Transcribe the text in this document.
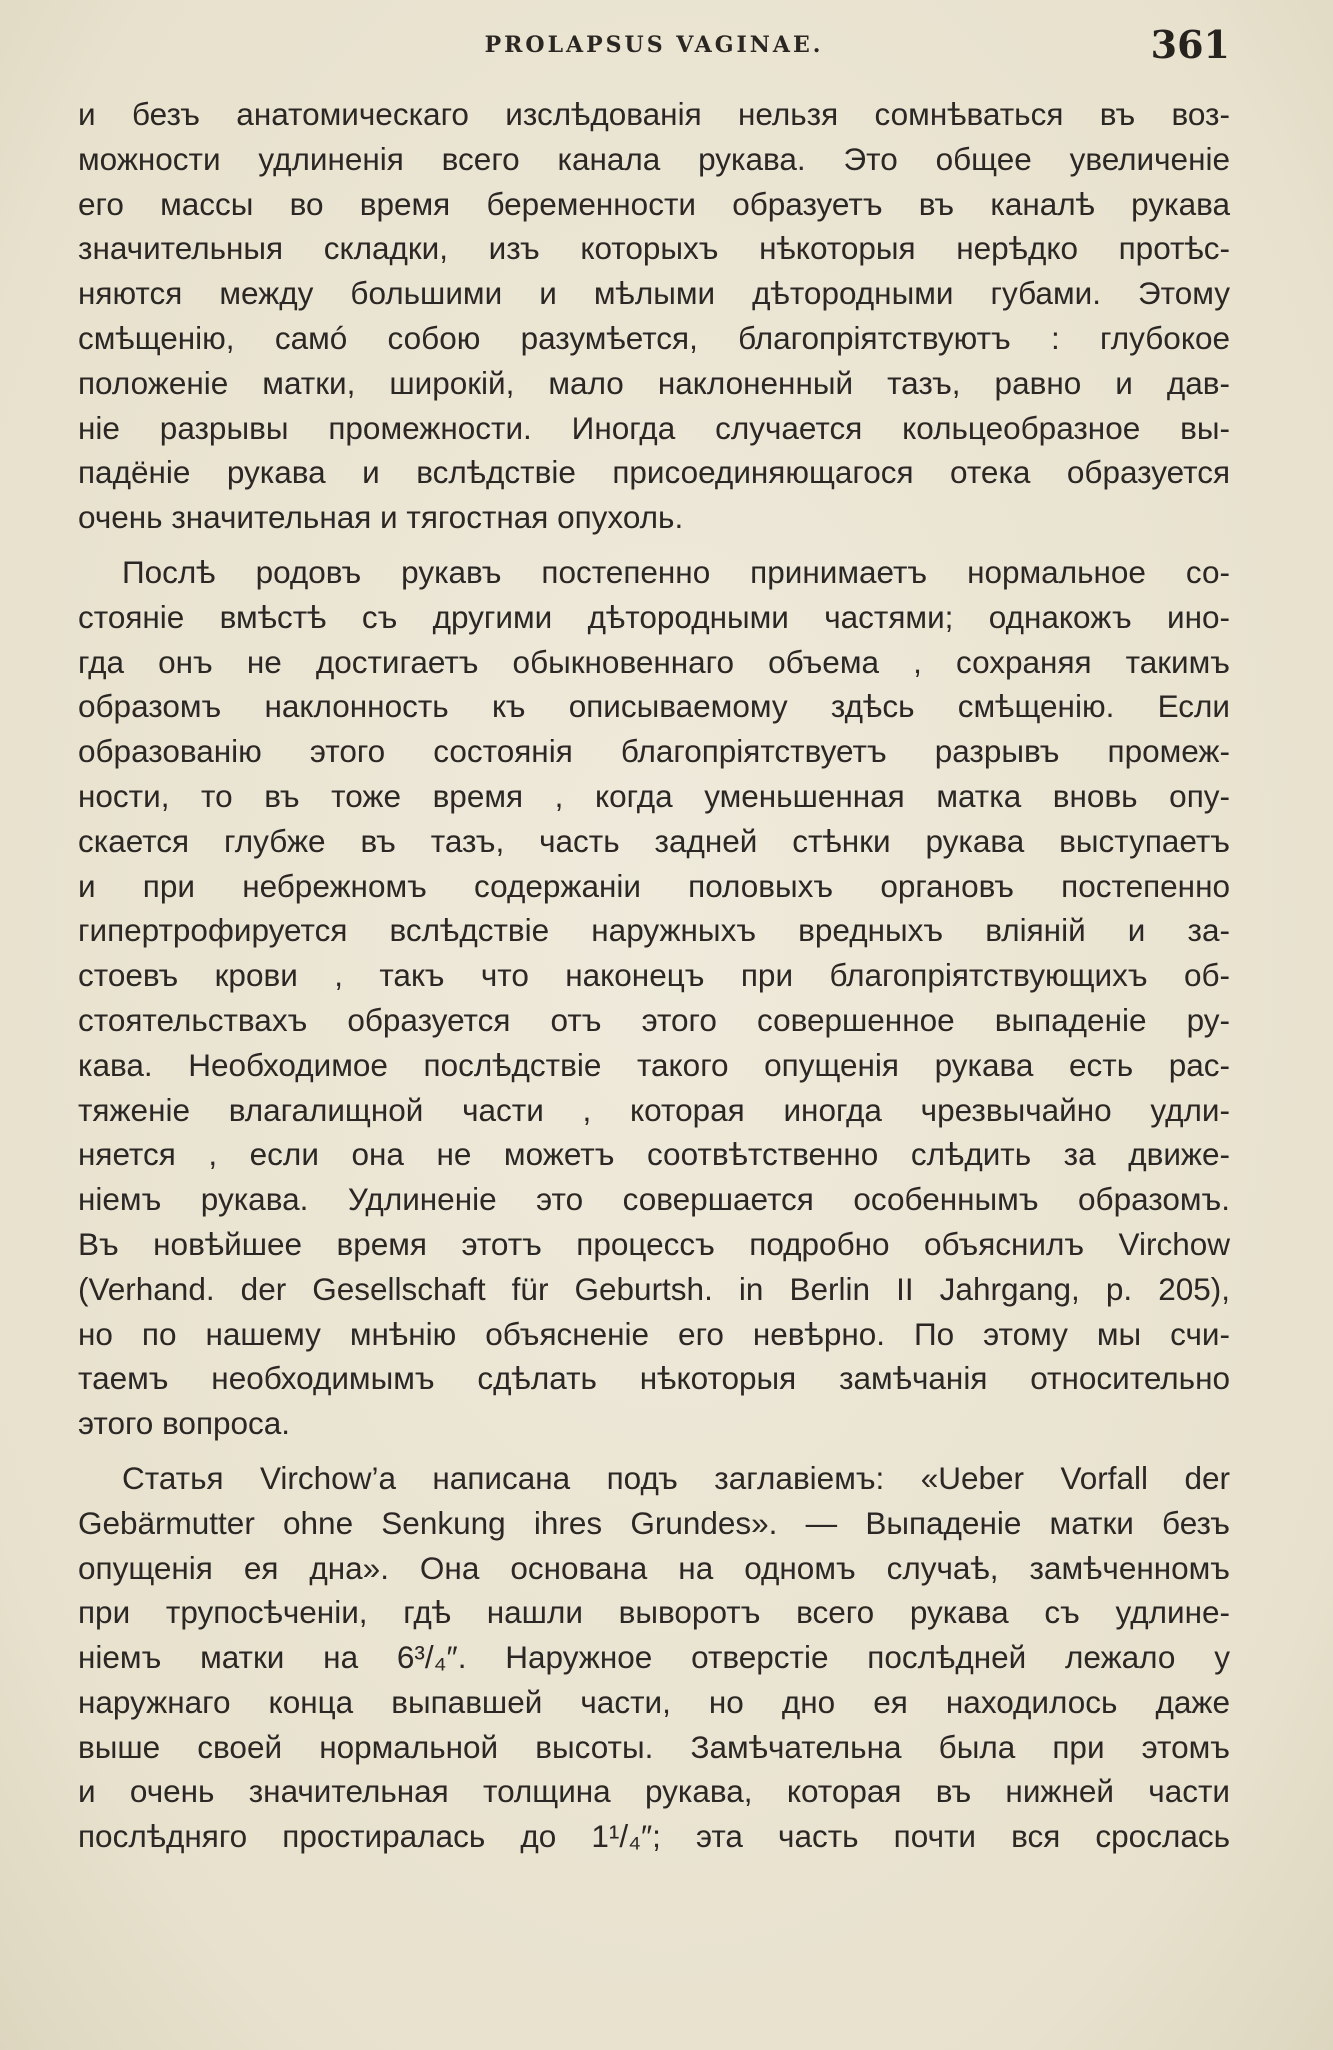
PROLAPSUS VAGINAE.	361

и безъ анатомическаго изслѣдованія нельзя сомнѣваться въ воз-

можности удлиненія всего канала рукава. Это общее увеличеніе

его массы во время беременности образуетъ въ каналѣ рукава

значительныя складки, изъ которыхъ нѣкоторыя нерѣдко протѣс-

няются между большими и мѣлыми дѣтородными губами. Этому

смѣщенію, самó собою разумѣется, благопріятствуютъ : глубокое

положеніе матки, широкій, мало наклоненный тазъ, равно и дав-

ніе разрывы промежности. Иногда случается кольцеобразное вы-

падёніе рукава и вслѣдствіе присоединяющагося отека образуется

очень значительная и тягостная опухоль.

Послѣ родовъ рукавъ постепенно принимаетъ нормальное со-

стояніе вмѣстѣ съ другими дѣтородными частями; однакожъ ино-

гда онъ не достигаетъ обыкновеннаго объема , сохраняя такимъ

образомъ наклонность къ описываемому здѣсь смѣщенію. Если

образованію этого состоянія благопріятствуетъ разрывъ промеж-

ности, то въ тоже время , когда уменьшенная матка вновь опу-

скается глубже въ тазъ, часть задней стѣнки рукава выступаетъ

и при небрежномъ содержаніи половыхъ органовъ постепенно

гипертрофируется вслѣдствіе наружныхъ вредныхъ вліяній и за-

стоевъ крови , такъ что наконецъ при благопріятствующихъ об-

стоятельствахъ образуется отъ этого совершенное выпаденіе ру-

кава. Необходимое послѣдствіе такого опущенія рукава есть рас-

тяженіе влагалищной части , которая иногда чрезвычайно удли-

няется , если она не можетъ соотвѣтственно слѣдить за движе-

ніемъ рукава. Удлиненіе это совершается особеннымъ образомъ.

Въ новѣйшее время этотъ процессъ подробно объяснилъ Virchow

(Verhand. der Gesellschaft für Geburtsh. in Berlin II Jahrgang, p. 205),

но по нашему мнѣнію объясненіе его невѣрно. По этому мы счи-

таемъ необходимымъ сдѣлать нѣкоторыя замѣчанія относительно

этого вопроса.

Статья Virchow’a написана подъ заглавіемъ: «Ueber Vorfall der

Gebärmutter ohne Senkung ihres Grundes». — Выпаденіе матки безъ

опущенія ея дна». Она основана на одномъ случаѣ, замѣченномъ

при трупосѣченіи, гдѣ нашли выворотъ всего рукава съ удлине-

ніемъ матки на 6³/₄″. Наружное отверстіе послѣдней лежало у

наружнаго конца выпавшей части, но дно ея находилось даже

выше своей нормальной высоты. Замѣчательна была при этомъ

и очень значительная толщина рукава, которая въ нижней части

послѣдняго простиралась до 1¹/₄″; эта часть почти вся срослась
